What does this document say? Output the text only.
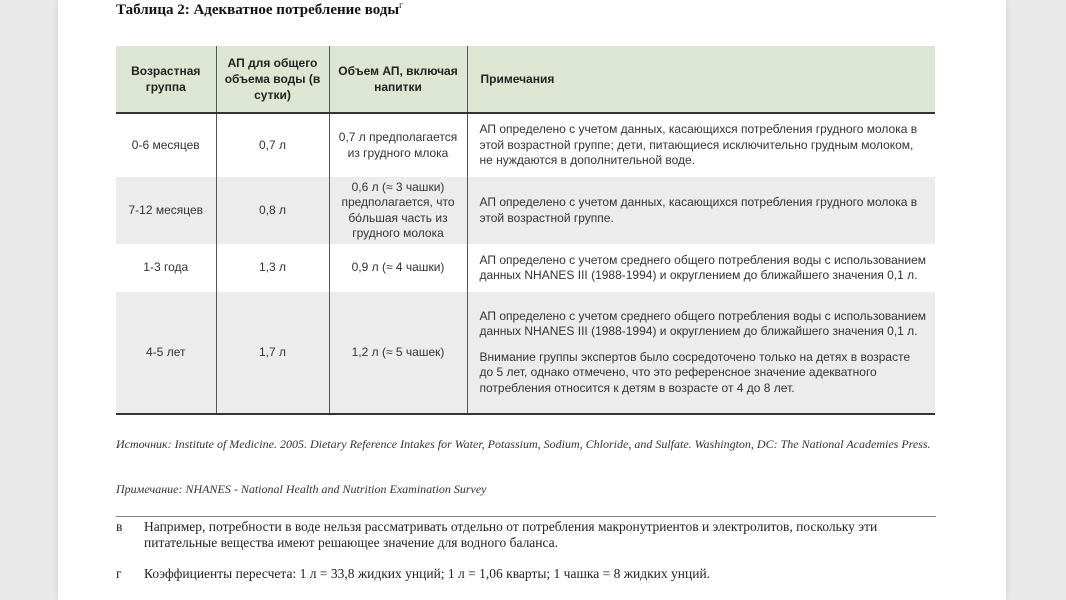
Таблица 2: Адекватное потребление воды$^г$
Возрастная группа	АП для общего объема воды (в сутки)	Объем АП, включая напитки	Примечания
0-6 месяцев	0,7 л	0,7 л предполагается из грудного млока	АП определено с учетом данных, касающихся потребления грудного молока в этой возрастной группе; дети, питающиеся исключительно грудным молоком, не нуждаются в дополнительной воде.

7-12 месяцев	0,8 л	0,6 л (≈ 3 чашки) предполагается, что бо́льшая часть из грудного молока	АП определено с учетом данных, касающихся потребления грудного молока в этой возрастной группе.

1-3 года	1,3 л	0,9 л (≈ 4 чашки)	АП определено с учетом среднего общего потребления воды с использованием данных NHANES III (1988-1994) и округлением до ближайшего значения 0,1 л.

4-5 лет	1,7 л	1,2 л (≈ 5 чашек)	АП определено с учетом среднего общего потребления воды с использованием данных NHANES III (1988-1994) и округлением до ближайшего значения 0,1 л.

Внимание группы экспертов было сосредоточено только на детях в возрасте до 5 лет, однако отмечено, что это референсное значение адекватного потребления относится к детям в возрасте от 4 до 8 лет.

Источник: Institute of Medicine. 2005. Dietary Reference Intakes for Water, Potassium, Sodium, Chloride, and Sulfate. Washington, DC: The National Academies Press.
Примечание: NHANES - National Health and Nutrition Examination Survey
в Например, потребности в воде нельзя рассматривать отдельно от потребления макронутриентов и электролитов, поскольку эти питательные вещества имеют решающее значение для водного баланса.
г Коэффициенты пересчета: 1 л = 33,8 жидких унций; 1 л = 1,06 кварты; 1 чашка = 8 жидких унций.
